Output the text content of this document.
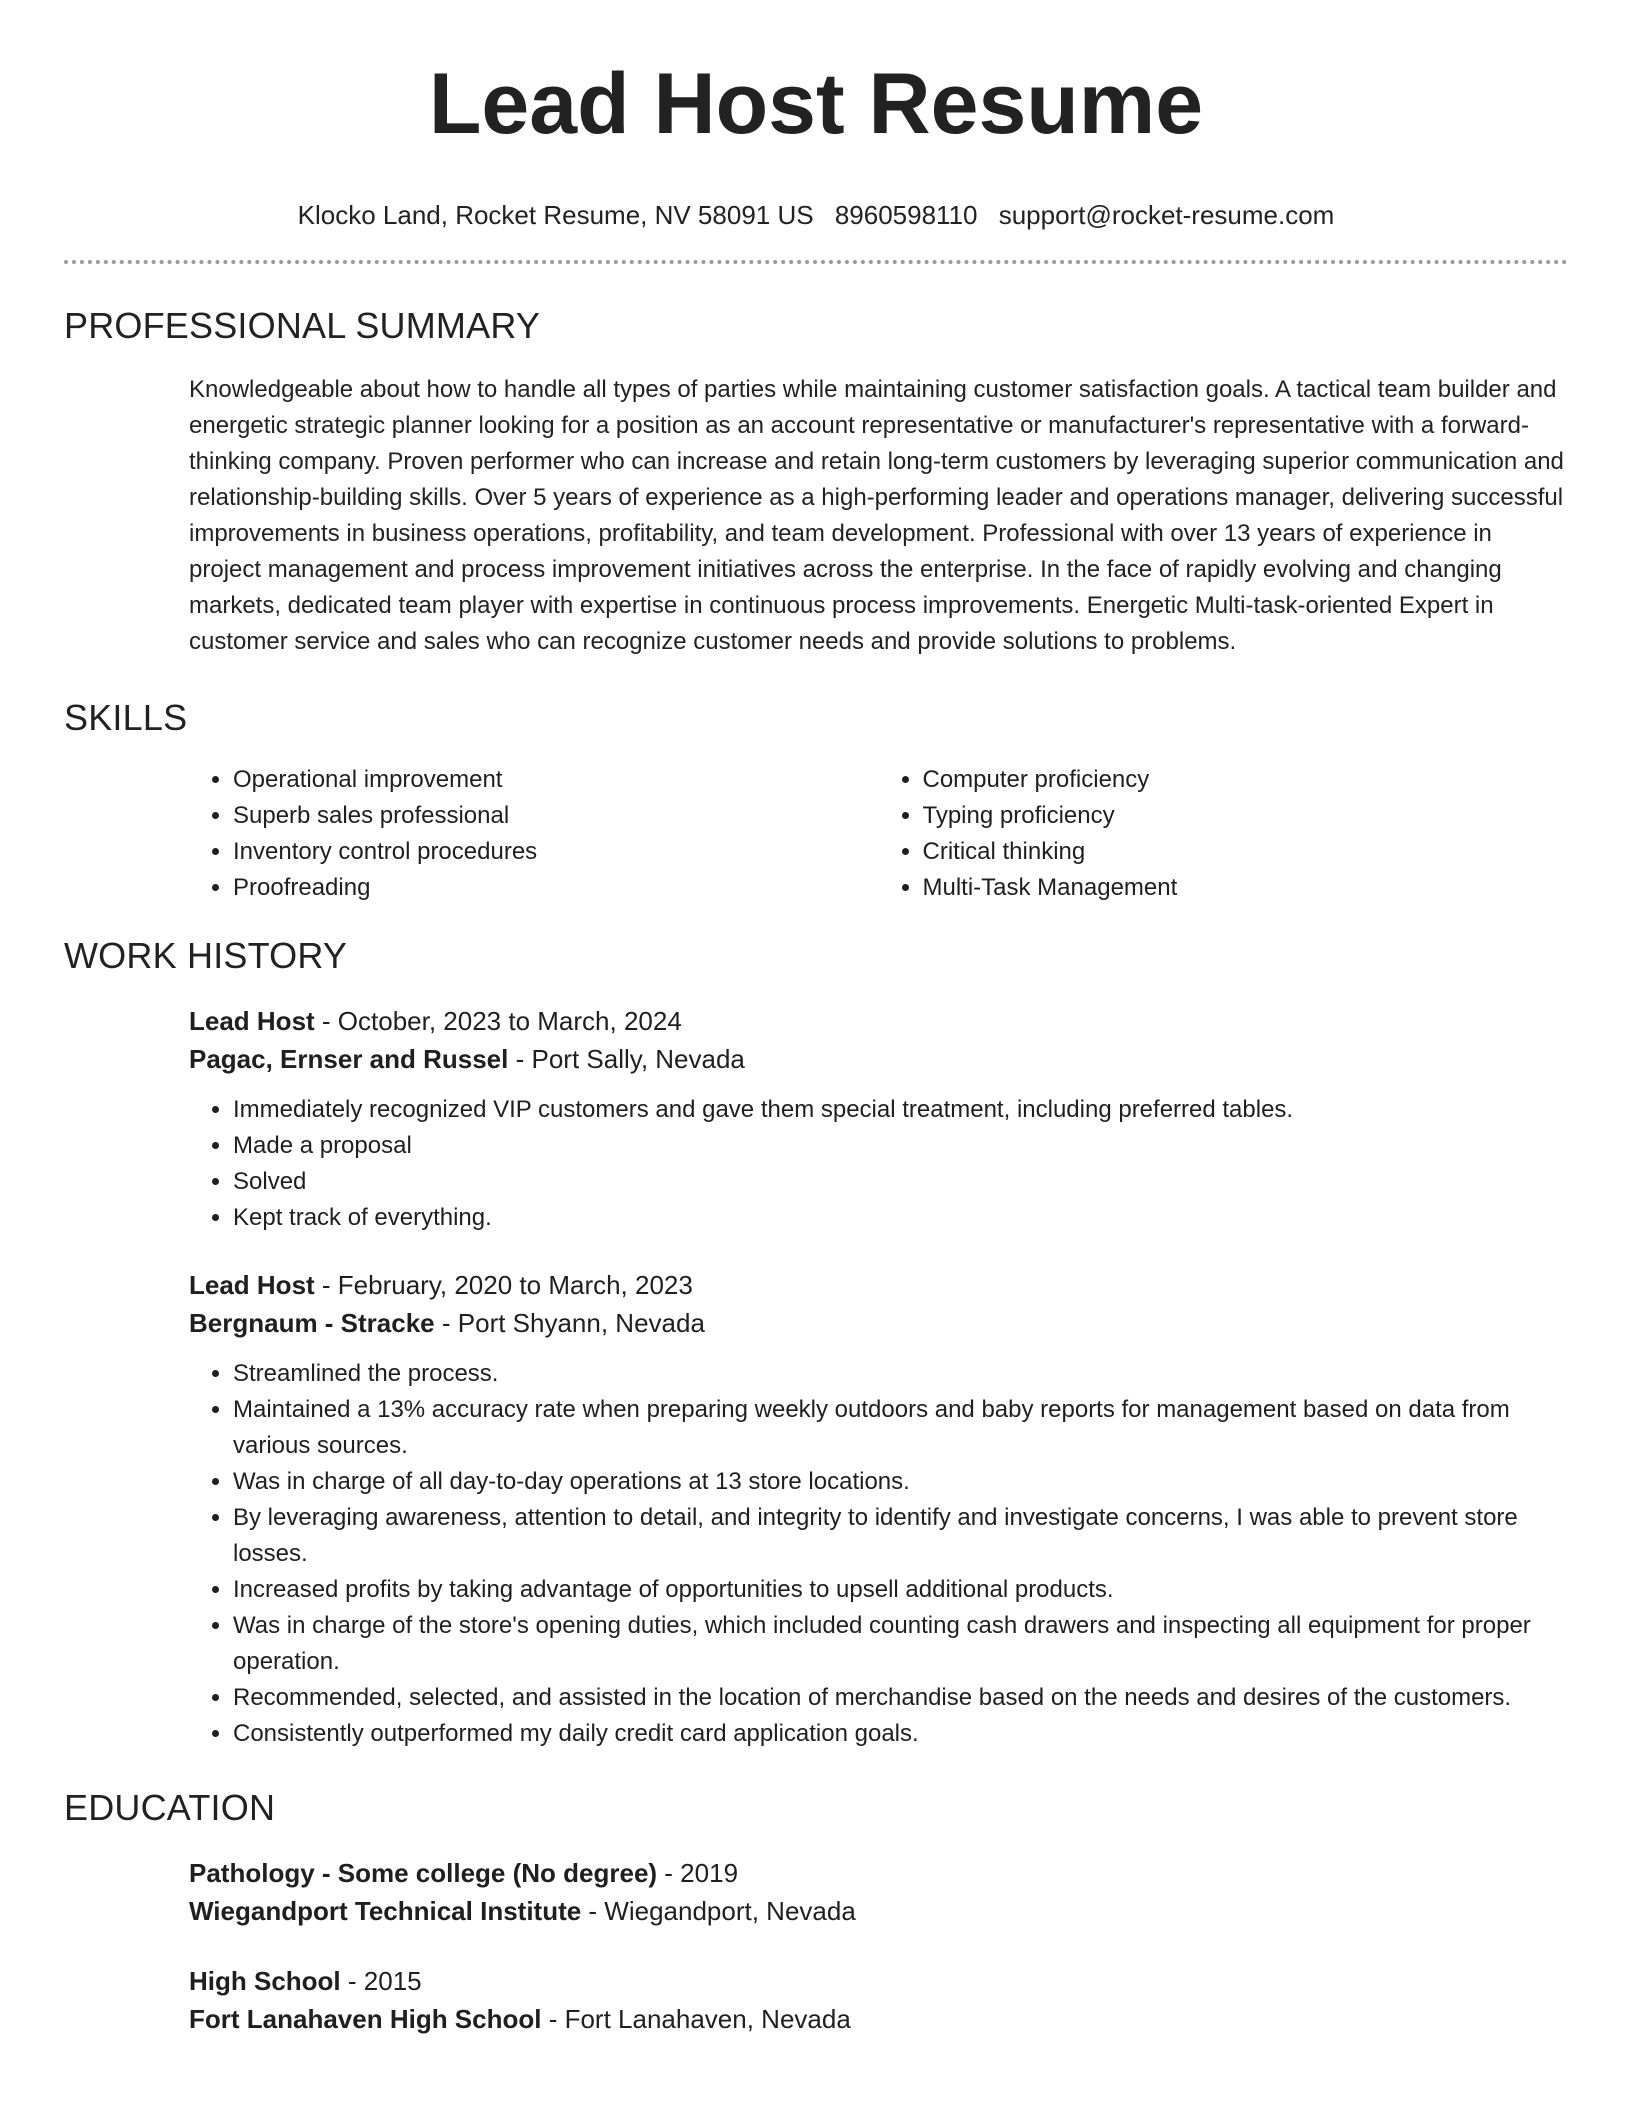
Lead Host Resume
Klocko Land, Rocket Resume, NV 58091 US 8960598110 support@rocket-resume.com
PROFESSIONAL SUMMARY

Knowledgeable about how to handle all types of parties while maintaining customer satisfaction goals. A tactical team builder and energetic strategic planner looking for a position as an account representative or manufacturer's representative with a forward-thinking company. Proven performer who can increase and retain long-term customers by leveraging superior communication and relationship-building skills. Over 5 years of experience as a high-performing leader and operations manager, delivering successful improvements in business operations, profitability, and team development. Professional with over 13 years of experience in project management and process improvement initiatives across the enterprise. In the face of rapidly evolving and changing markets, dedicated team player with expertise in continuous process improvements. Energetic Multi-task-oriented Expert in customer service and sales who can recognize customer needs and provide solutions to problems.

SKILLS
• Operational improvement
• Superb sales professional
• Inventory control procedures
• Proofreading
• Computer proficiency
• Typing proficiency
• Critical thinking
• Multi-Task Management
WORK HISTORY
Lead Host - October, 2023 to March, 2024
Pagac, Ernser and Russel - Port Sally, Nevada
• Immediately recognized VIP customers and gave them special treatment, including preferred tables.
• Made a proposal
• Solved
• Kept track of everything.
Lead Host - February, 2020 to March, 2023
Bergnaum - Stracke - Port Shyann, Nevada
• Streamlined the process.
• Maintained a 13% accuracy rate when preparing weekly outdoors and baby reports for management based on data from various sources.
• Was in charge of all day-to-day operations at 13 store locations.
• By leveraging awareness, attention to detail, and integrity to identify and investigate concerns, I was able to prevent store losses.
• Increased profits by taking advantage of opportunities to upsell additional products.
• Was in charge of the store's opening duties, which included counting cash drawers and inspecting all equipment for proper operation.
• Recommended, selected, and assisted in the location of merchandise based on the needs and desires of the customers.
• Consistently outperformed my daily credit card application goals.
EDUCATION
Pathology - Some college (No degree) - 2019
Wiegandport Technical Institute - Wiegandport, Nevada
High School - 2015
Fort Lanahaven High School - Fort Lanahaven, Nevada
